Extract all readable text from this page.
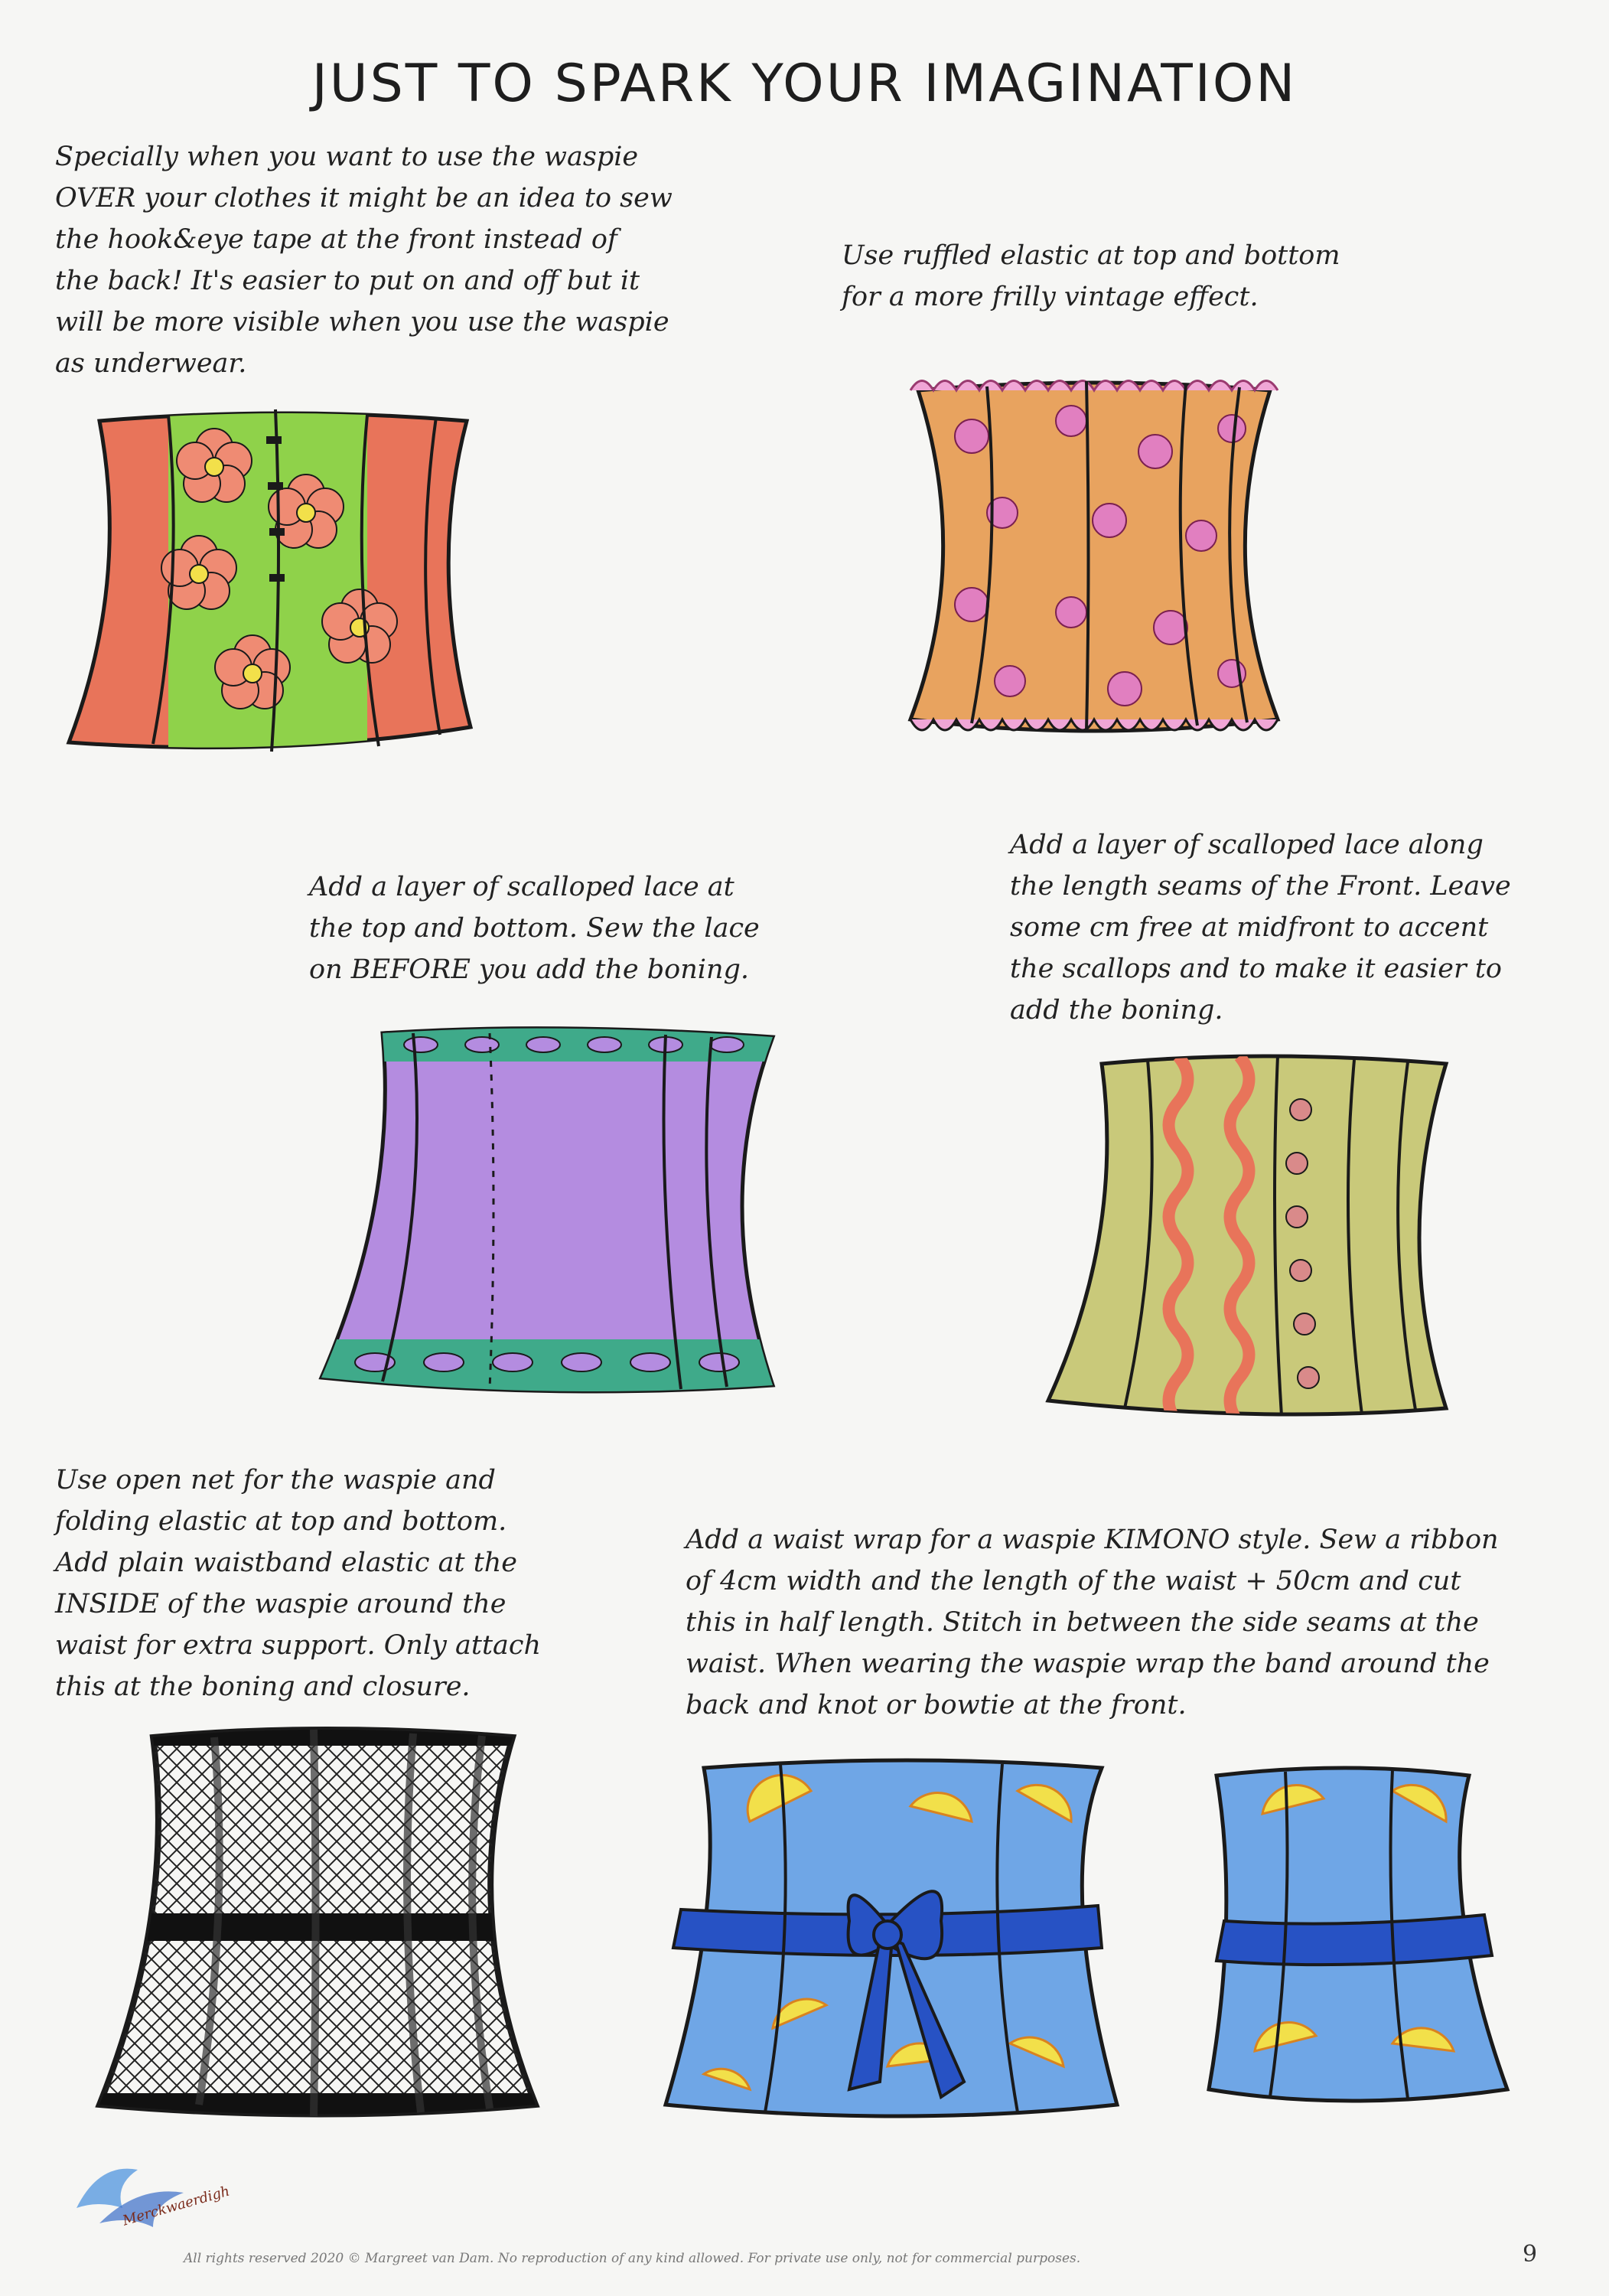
JUST TO SPARK YOUR IMAGINATION
Specially when you want to use the waspie
OVER your clothes it might be an idea to sew
the hook&eye tape at the front instead of
the back! It's easier to put on and off but it
will be more visible when you use the waspie
as underwear.
Use ruffled elastic at top and bottom
for a more frilly vintage effect.
Add a layer of scalloped lace at
the top and bottom. Sew the lace
on BEFORE you add the boning.
Add a layer of scalloped lace along
the length seams of the Front. Leave
some cm free at midfront to accent
the scallops and to make it easier to
add the boning.
Use open net for the waspie and
folding elastic at top and bottom.
Add plain waistband elastic at the
INSIDE of the waspie around the
waist for extra support. Only attach
this at the boning and closure.
Add a waist wrap for a waspie KIMONO style. Sew a ribbon
of 4cm width and the length of the waist + 50cm and cut
this in half length. Stitch in between the side seams at the
waist. When wearing the waspie wrap the band around the
back and knot or bowtie at the front.
Merckwaerdigh
All rights reserved 2020 © Margreet van Dam. No reproduction of any kind allowed. For private use only, not for commercial purposes.	9
